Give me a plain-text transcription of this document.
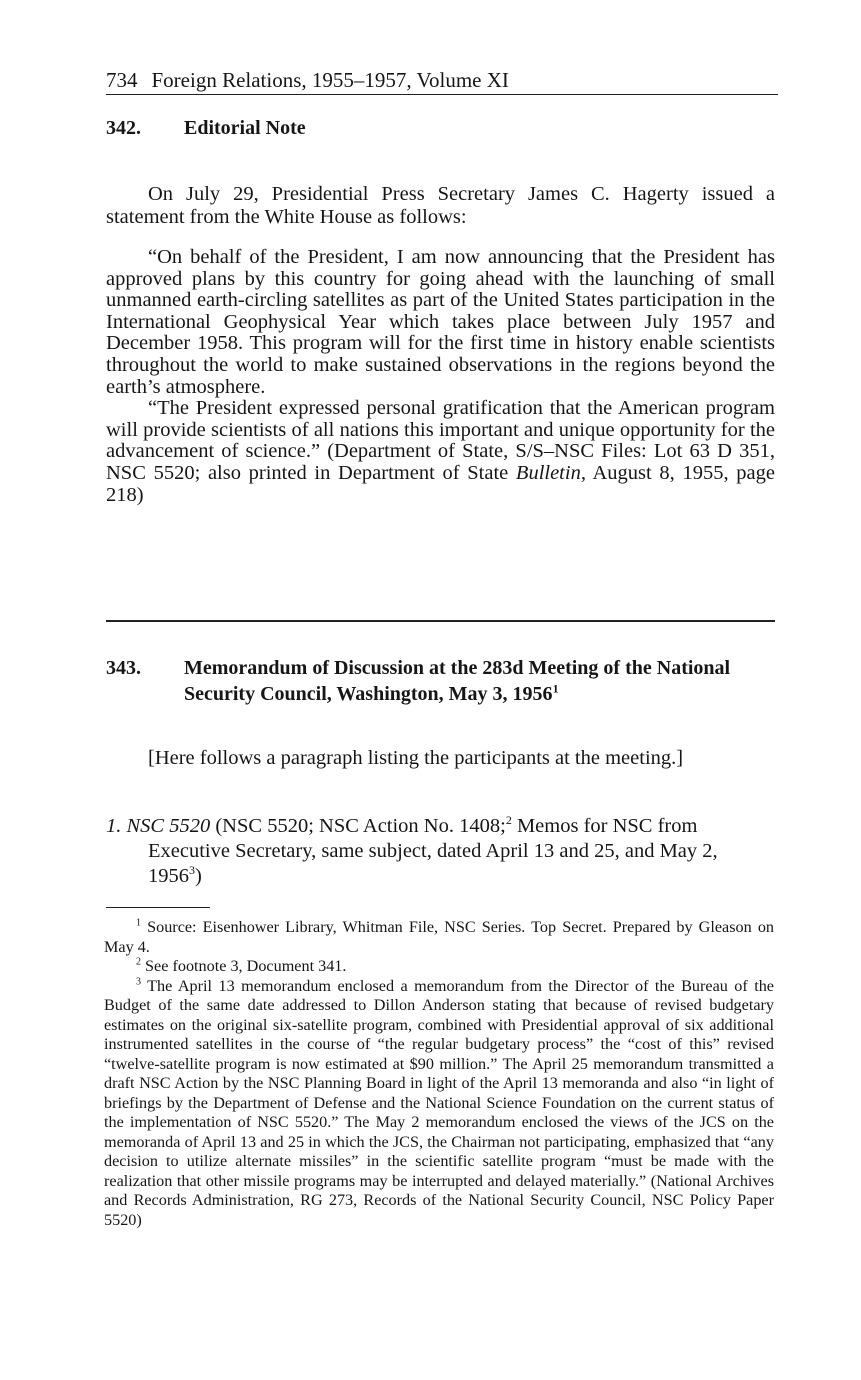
734 Foreign Relations, 1955–1957, Volume XI
342. Editorial Note

On July 29, Presidential Press Secretary James C. Hagerty issued a statement from the White House as follows:

“On behalf of the President, I am now announcing that the President has approved plans by this country for going ahead with the launching of small unmanned earth-circling satellites as part of the United States participation in the International Geophysical Year which takes place between July 1957 and December 1958. This program will for the first time in history enable scientists throughout the world to make sustained observations in the regions beyond the earth’s atmosphere.

“The President expressed personal gratification that the American program will provide scientists of all nations this important and unique opportunity for the advancement of science.” (Department of State, S/S–NSC Files: Lot 63 D 351, NSC 5520; also printed in Department of State Bulletin, August 8, 1955, page 218)

343. Memorandum of Discussion at the 283d Meeting of the National Security Council, Washington, May 3, 1956$^1$

[Here follows a paragraph listing the participants at the meeting.]

1. NSC 5520 (NSC 5520; NSC Action No. 1408;$^2$ Memos for NSC from Executive Secretary, same subject, dated April 13 and 25, and May 2, 1956$^3$)

$^1$ Source: Eisenhower Library, Whitman File, NSC Series. Top Secret. Prepared by Gleason on May 4.

$^2$ See footnote 3, Document 341.

$^3$ The April 13 memorandum enclosed a memorandum from the Director of the Bureau of the Budget of the same date addressed to Dillon Anderson stating that because of revised budgetary estimates on the original six-satellite program, combined with Presidential approval of six additional instrumented satellites in the course of “the regular budgetary process” the “cost of this” revised “twelve-satellite program is now estimated at $90 million.” The April 25 memorandum transmitted a draft NSC Action by the NSC Planning Board in light of the April 13 memoranda and also “in light of briefings by the Department of Defense and the National Science Foundation on the current status of the implementation of NSC 5520.” The May 2 memorandum enclosed the views of the JCS on the memoranda of April 13 and 25 in which the JCS, the Chairman not participating, emphasized that “any decision to utilize alternate missiles” in the scientific satellite program “must be made with the realization that other missile programs may be interrupted and delayed materially.” (National Archives and Records Administration, RG 273, Records of the National Security Council, NSC Policy Paper 5520)
